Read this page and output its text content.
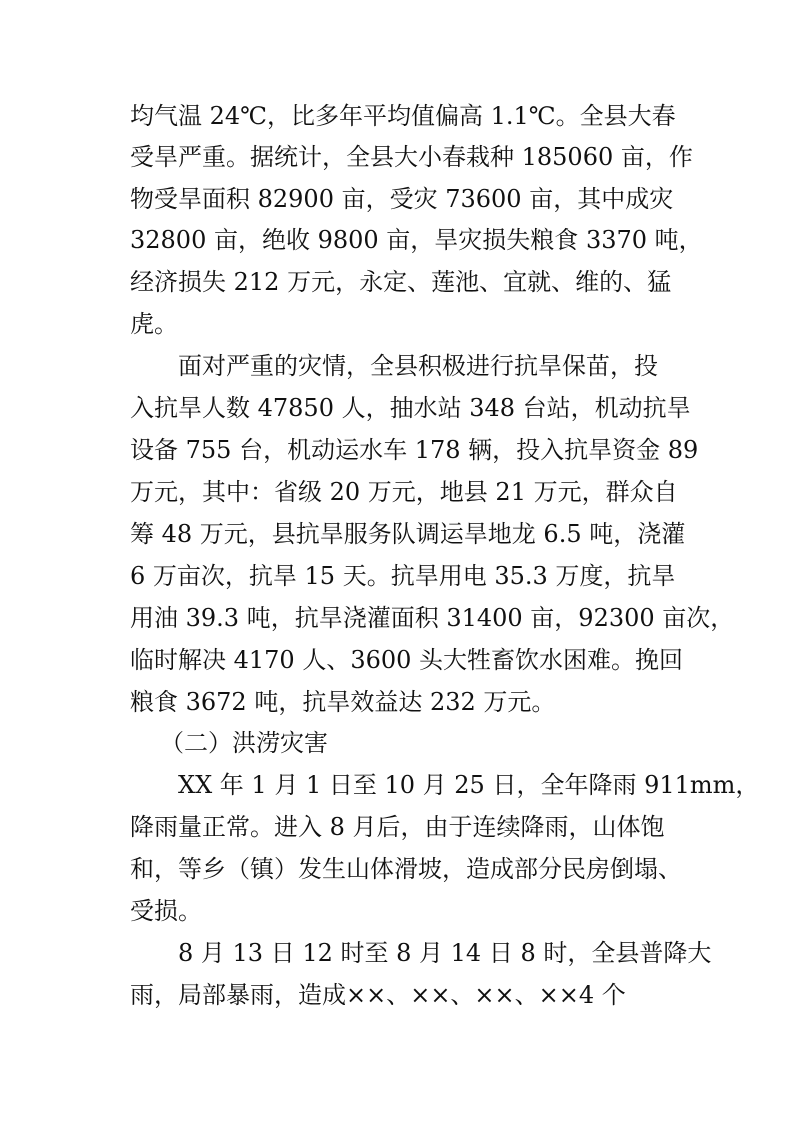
均气温 24℃，比多年平均值偏高 1.1℃。全县大春
受旱严重。据统计，全县大小春栽种 185060 亩，作
物受旱面积 82900 亩，受灾 73600 亩，其中成灾
32800 亩，绝收 9800 亩，旱灾损失粮食 3370 吨，
经济损失 212 万元，永定、莲池、宜就、维的、猛
虎。
面对严重的灾情，全县积极进行抗旱保苗，投
入抗旱人数 47850 人，抽水站 348 台站，机动抗旱
设备 755 台，机动运水车 178 辆，投入抗旱资金 89
万元，其中：省级 20 万元，地县 21 万元，群众自
筹 48 万元，县抗旱服务队调运旱地龙 6.5 吨，浇灌
6 万亩次，抗旱 15 天。抗旱用电 35.3 万度，抗旱
用油 39.3 吨，抗旱浇灌面积 31400 亩，92300 亩次，
临时解决 4170 人、3600 头大牲畜饮水困难。挽回
粮食 3672 吨，抗旱效益达 232 万元。
（二）洪涝灾害
XX 年 1 月 1 日至 10 月 25 日，全年降雨 911mm，
降雨量正常。进入 8 月后，由于连续降雨，山体饱
和，等乡（镇）发生山体滑坡，造成部分民房倒塌、
受损。
8 月 13 日 12 时至 8 月 14 日 8 时，全县普降大
雨，局部暴雨，造成××、××、××、××4 个
